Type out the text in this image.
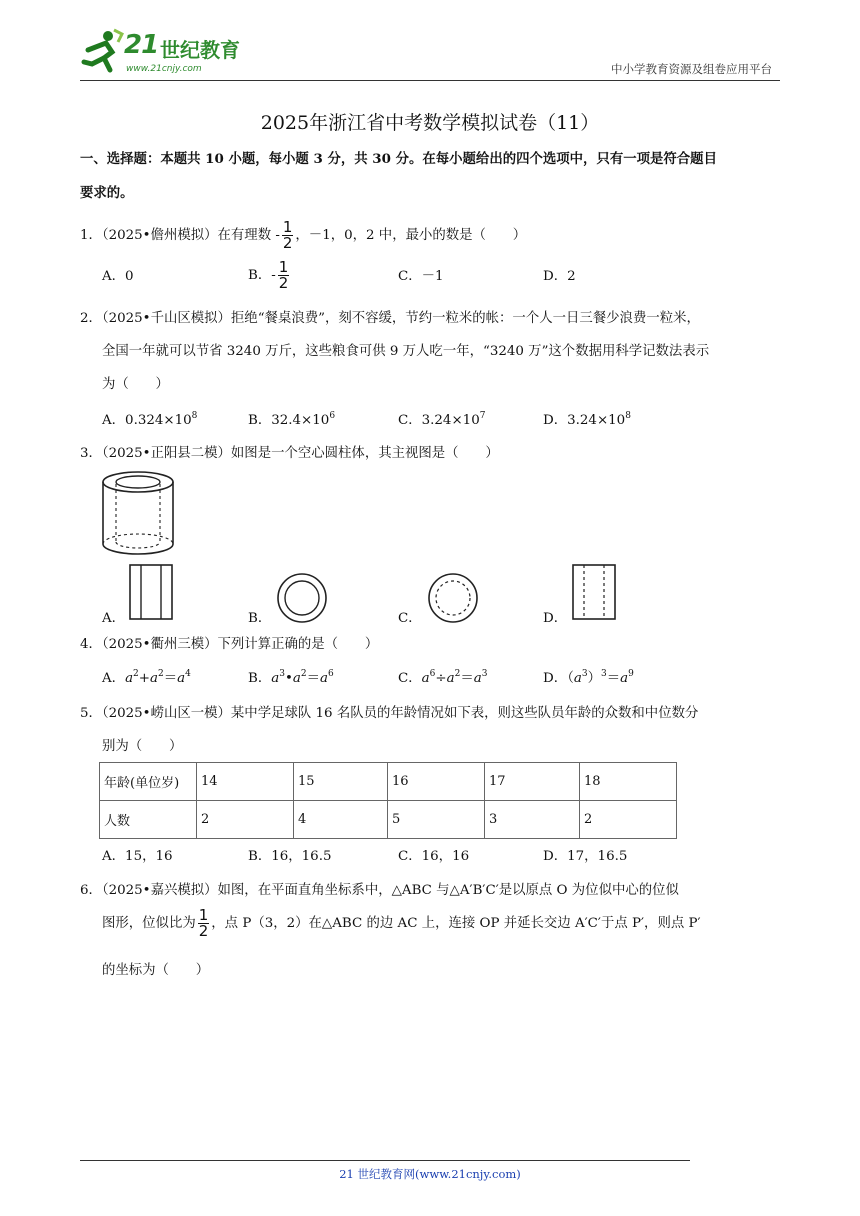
21 世纪教育
www.21cnjy.com	中小学教育资源及组卷应用平台
2025年浙江省中考数学模拟试卷（11）
一、选择题：本题共 10 小题，每小题 3 分，共 30 分。在每小题给出的四个选项中，只有一项是符合题目
要求的。
1．（2025•儋州模拟）在有理数 - $\frac{1}{2}$ ，－1，0，2 中，最小的数是（　　）
A．0	B．- $\frac{1}{2}$	C．－1	D．2
2．（2025•千山区模拟）拒绝“餐桌浪费”，刻不容缓，节约一粒米的帐：一个人一日三餐少浪费一粒米，
全国一年就可以节省 3240 万斤，这些粮食可供 9 万人吃一年，“3240 万”这个数据用科学记数法表示
为（　　）
A．$0.324\times 10^8$	B．$32.4\times 10^6$	C．$3.24\times 10^7$	D．$3.24\times 10^8$
3．（2025•正阳县二模）如图是一个空心圆柱体，其主视图是（　　）
A．	B．	C．	D．
4．（2025•衢州三模）下列计算正确的是（　　）
A．$a^2+a^2=a^4$	B．$a^3•a^2=a^6$	C．$a^6\div a^2=a^3$	D．$(a^3)^3=a^9$
5．（2025•崂山区一模）某中学足球队 16 名队员的年龄情况如下表，则这些队员年龄的众数和中位数分
别为（　　）
年龄(单位岁)	14	15	16	17	18
人数	2	4	5	3	2
A．15，16	B．16，16.5	C．16，16	D．17，16.5
6．（2025•嘉兴模拟）如图，在平面直角坐标系中，△ABC 与△A′B′C′是以原点 O 为位似中心的位似
图形，位似比为 $\frac{1}{2}$ ，点 P（3，2）在△ABC 的边 AC 上，连接 OP 并延长交边 A′C′于点 P′，则点 P′
的坐标为（　　）
21 世纪教育网(www.21cnjy.com)
